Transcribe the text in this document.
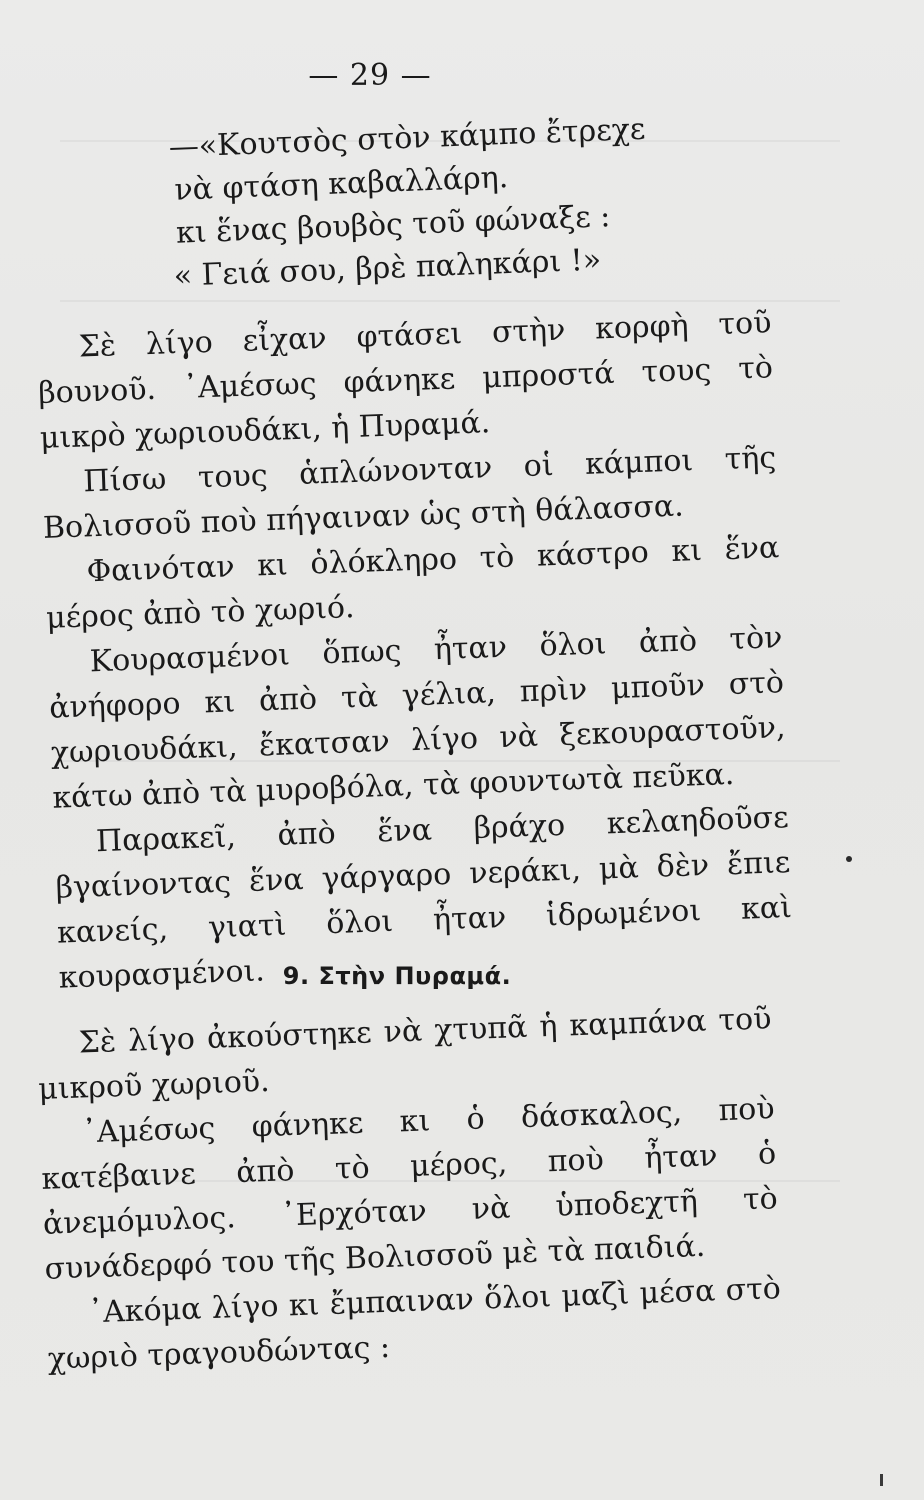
— 29 —
—«Κουτσὸς στὸν κάμπο ἔτρεχε
νὰ φτάση καβαλλάρη.
κι ἕνας βουβὸς τοῦ φώναξε :
« Γειά σου, βρὲ παληκάρι !»

Σὲ λίγο εἶχαν φτάσει στὴν κορφὴ τοῦ βουνοῦ. ᾽Αμέσως φάνηκε μπροστά τους τὸ μικρὸ χωριουδάκι, ἡ Πυραμά.

Πίσω τους ἁπλώνονταν οἱ κάμποι τῆς Βολισσοῦ ποὺ πήγαιναν ὡς στὴ θάλασσα.

Φαινόταν κι ὁλόκληρο τὸ κάστρο κι ἕνα μέρος ἀπὸ τὸ χωριό.

Κουρασμένοι ὅπως ἦταν ὅλοι ἀπὸ τὸν ἀνήφορο κι ἀπὸ τὰ γέλια, πρὶν μποῦν στὸ χωριουδάκι, ἔκατσαν λίγο νὰ ξεκουραστοῦν, κάτω ἀπὸ τὰ μυροβόλα, τὰ φουντωτὰ πεῦκα.

Παρακεῖ, ἀπὸ ἕνα βράχο κελαηδοῦσε βγαίνοντας ἕνα γάργαρο νεράκι, μὰ δὲν ἔπιε κανείς, γιατὶ ὅλοι ἦταν ἱδρωμένοι καὶ κουρασμένοι. 9. Στὴν Πυραμά.

Σὲ λίγο ἀκούστηκε νὰ χτυπᾶ ἡ καμπάνα τοῦ μικροῦ χωριοῦ.

᾽Αμέσως φάνηκε κι ὁ δάσκαλος, ποὺ κατέβαινε ἀπὸ τὸ μέρος, ποὺ ἦταν ὁ ἀνεμόμυλος. ᾽Ερχόταν νὰ ὑποδεχτῆ τὸ συνάδερφό του τῆς Βολισσοῦ μὲ τὰ παιδιά.

᾽Ακόμα λίγο κι ἔμπαιναν ὅλοι μαζὶ μέσα στὸ χωριὸ τραγουδώντας :
